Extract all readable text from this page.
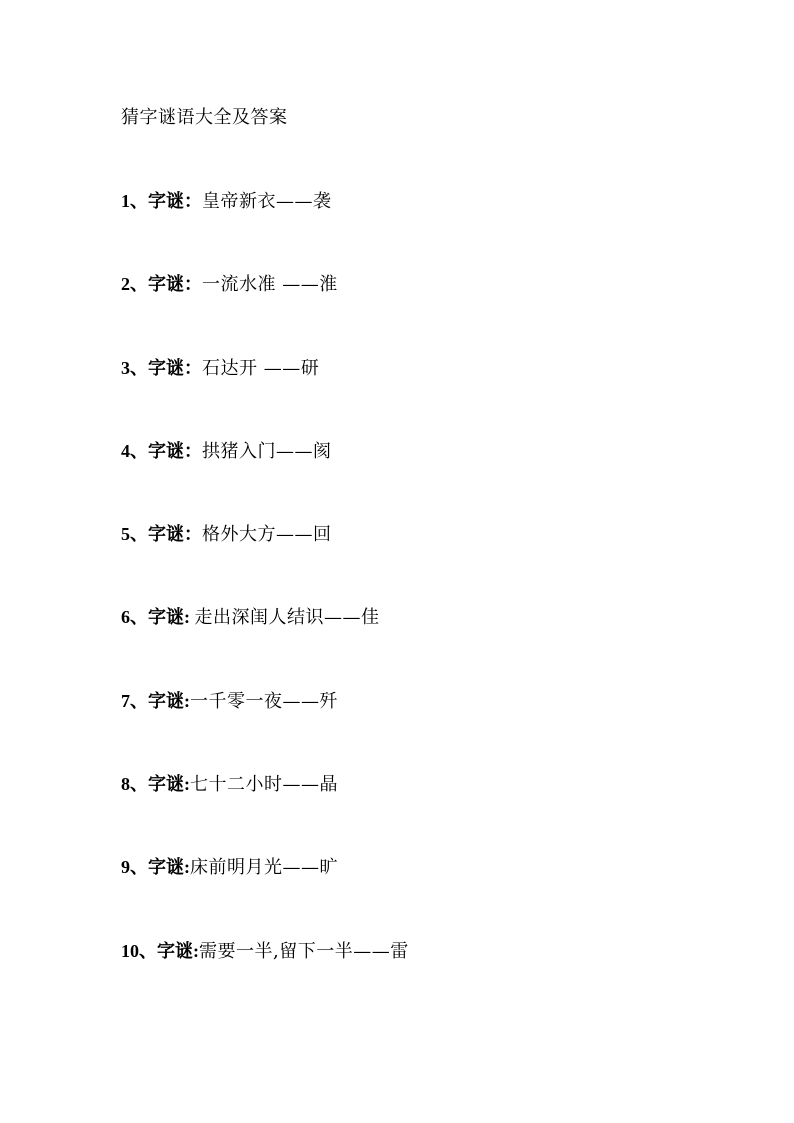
猜字谜语大全及答案
1、字谜：皇帝新衣——袭
2、字谜：一流水准 ——淮
3、字谜：石达开 ——研
4、字谜：拱猪入门——阂
5、字谜：格外大方——回
6、字谜: 走出深闺人结识——佳
7、字谜:一千零一夜——歼
8、字谜:七十二小时——晶
9、字谜:床前明月光——旷
10、字谜:需要一半,留下一半——雷
